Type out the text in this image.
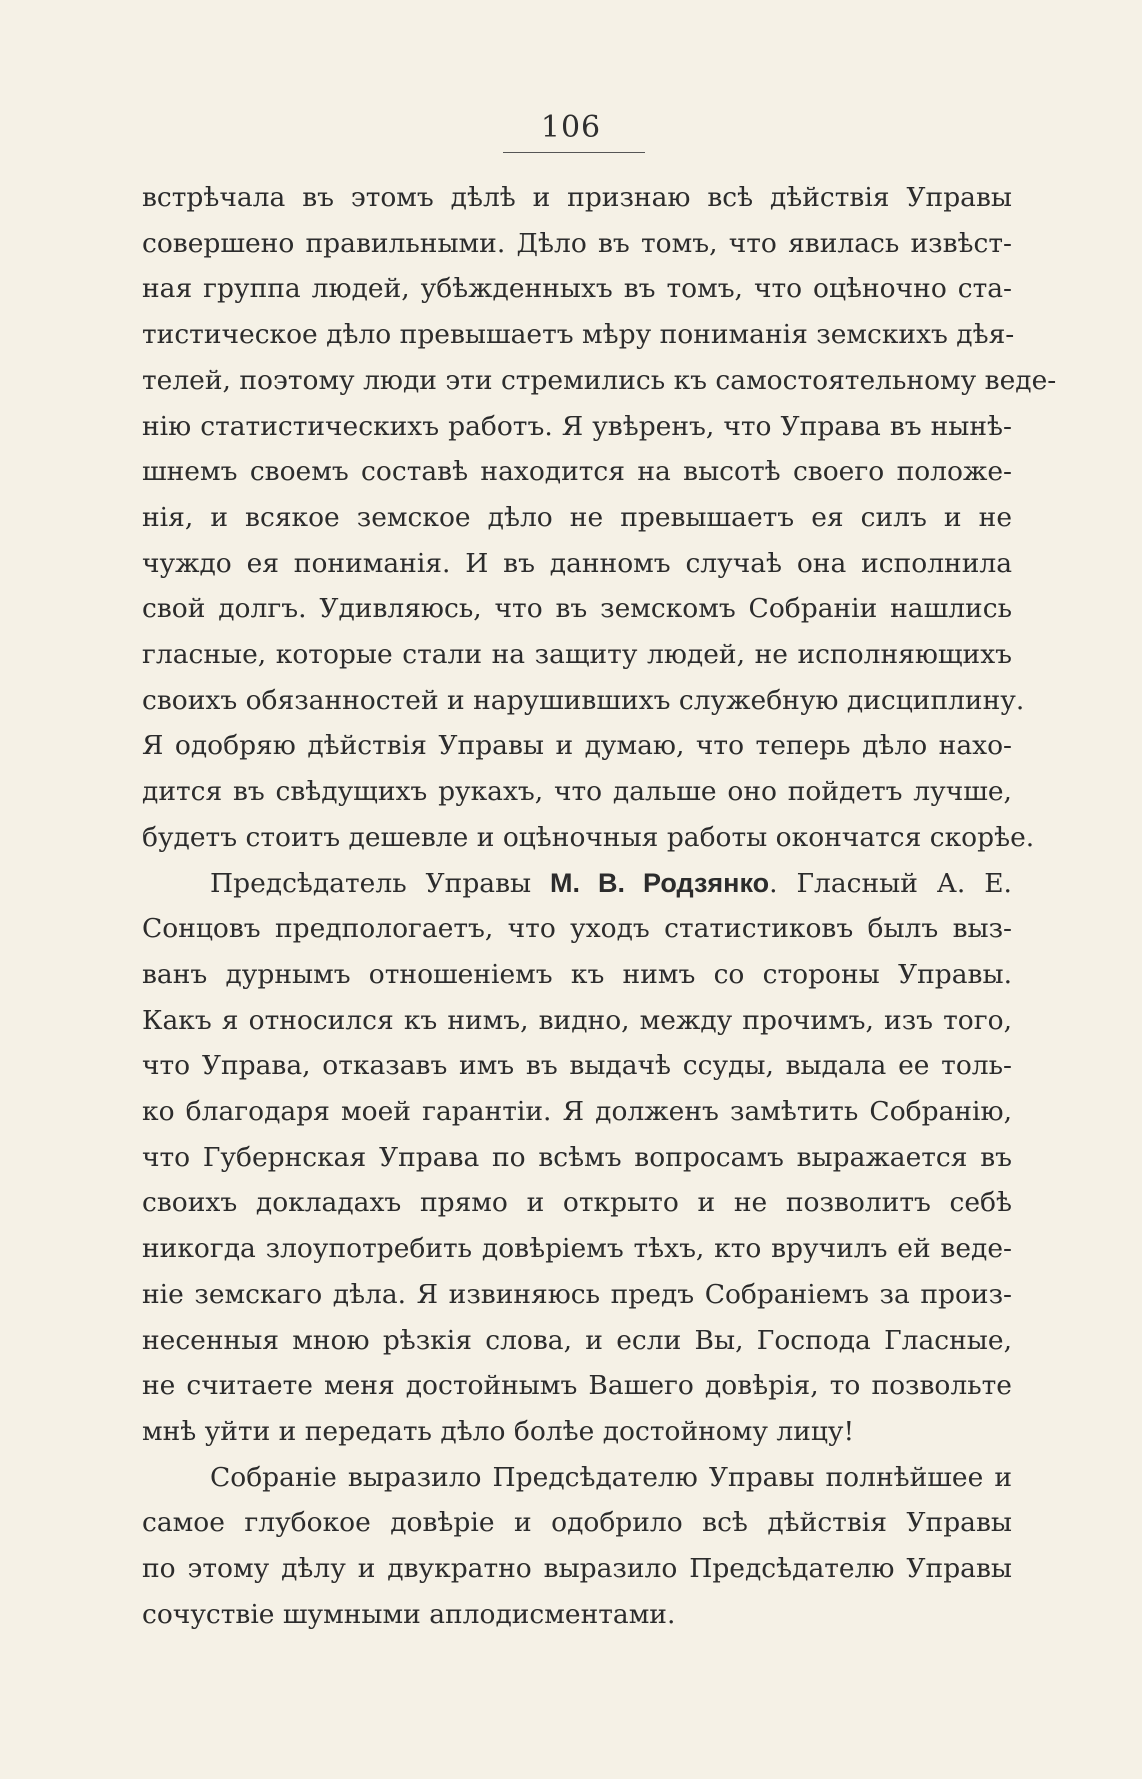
106
встрѣчала въ этомъ дѣлѣ и признаю всѣ дѣйствія Управы
совершено правильными. Дѣло въ томъ, что явилась извѣст-
ная группа людей, убѣжденныхъ въ томъ, что оцѣночно ста-
тистическое дѣло превышаетъ мѣру пониманія земскихъ дѣя-
телей, поэтому люди эти стремились къ самостоятельному веде-
нію статистическихъ работъ. Я увѣренъ, что Управа въ нынѣ-
шнемъ своемъ составѣ находится на высотѣ своего положе-
нія, и всякое земское дѣло не превышаетъ ея силъ и не
чуждо ея пониманія. И въ данномъ случаѣ она исполнила
свой долгъ. Удивляюсь, что въ земскомъ Собраніи нашлись
гласные, которые стали на защиту людей, не исполняющихъ
своихъ обязанностей и нарушившихъ служебную дисциплину.
Я одобряю дѣйствія Управы и думаю, что теперь дѣло нахо-
дится въ свѣдущихъ рукахъ, что дальше оно пойдетъ лучше,
будетъ стоитъ дешевле и оцѣночныя работы окончатся скорѣе.
Предсѣдатель Управы М. В. Родзянко. Гласный А. Е.
Сонцовъ предпологаетъ, что уходъ статистиковъ былъ выз-
ванъ дурнымъ отношеніемъ къ нимъ со стороны Управы.
Какъ я относился къ нимъ, видно, между прочимъ, изъ того,
что Управа, отказавъ имъ въ выдачѣ ссуды, выдала ее толь-
ко благодаря моей гарантіи. Я долженъ замѣтить Собранію,
что Губернская Управа по всѣмъ вопросамъ выражается въ
своихъ докладахъ прямо и открыто и не позволитъ себѣ
никогда злоупотребить довѣріемъ тѣхъ, кто вручилъ ей веде-
ніе земскаго дѣла. Я извиняюсь предъ Собраніемъ за произ-
несенныя мною рѣзкія слова, и если Вы, Господа Гласные,
не считаете меня достойнымъ Вашего довѣрія, то позвольте
мнѣ уйти и передать дѣло болѣе достойному лицу!
Собраніе выразило Предсѣдателю Управы полнѣйшее и
самое глубокое довѣріе и одобрило всѣ дѣйствія Управы
по этому дѣлу и двукратно выразило Предсѣдателю Управы
сочуствіе шумными аплодисментами.
